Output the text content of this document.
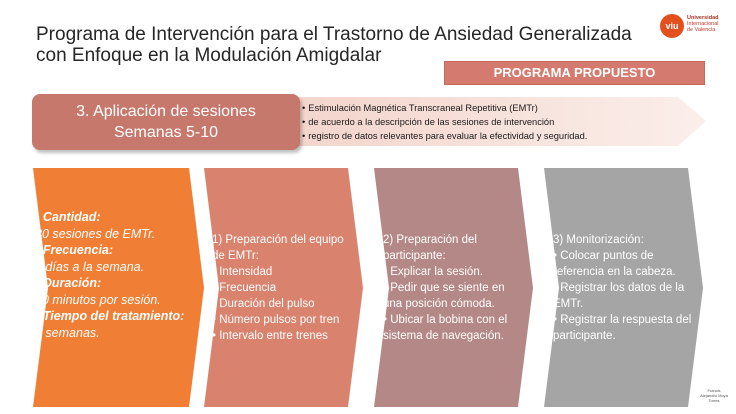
Programa de Intervención para el Trastorno de Ansiedad Generalizada
con Enfoque en la Modulación Amigdalar
viu
Universidad
Internacional
de Valencia
PROGRAMA PROPUESTO
3. Aplicación de sesiones
Semanas 5-10
• Estimulación Magnética Transcraneal Repetitiva (EMTr)
• de acuerdo a la descripción de las sesiones de intervención
• registro de datos relevantes para evaluar la efectividad y seguridad.
• Cantidad:
30 sesiones de EMTr.
• Frecuencia:
5 días a la semana.
• Duración:
30 minutos por sesión.
• Tiempo del tratamiento:
6 semanas.
1) Preparación del equipo de EMTr:
• Intensidad
• Frecuencia
• Duración del pulso
• Número pulsos por tren
• Intervalo entre trenes
2) Preparación del participante:
• Explicar la sesión.
• Pedir que se siente en una posición cómoda.
• Ubicar la bobina con el sistema de navegación.
3) Monitorización:
• Colocar puntos de referencia en la cabeza.
• Registrar los datos de la EMTr.
• Registrar la respuesta del participante.
Francis
Alejandro Moya
Torres
